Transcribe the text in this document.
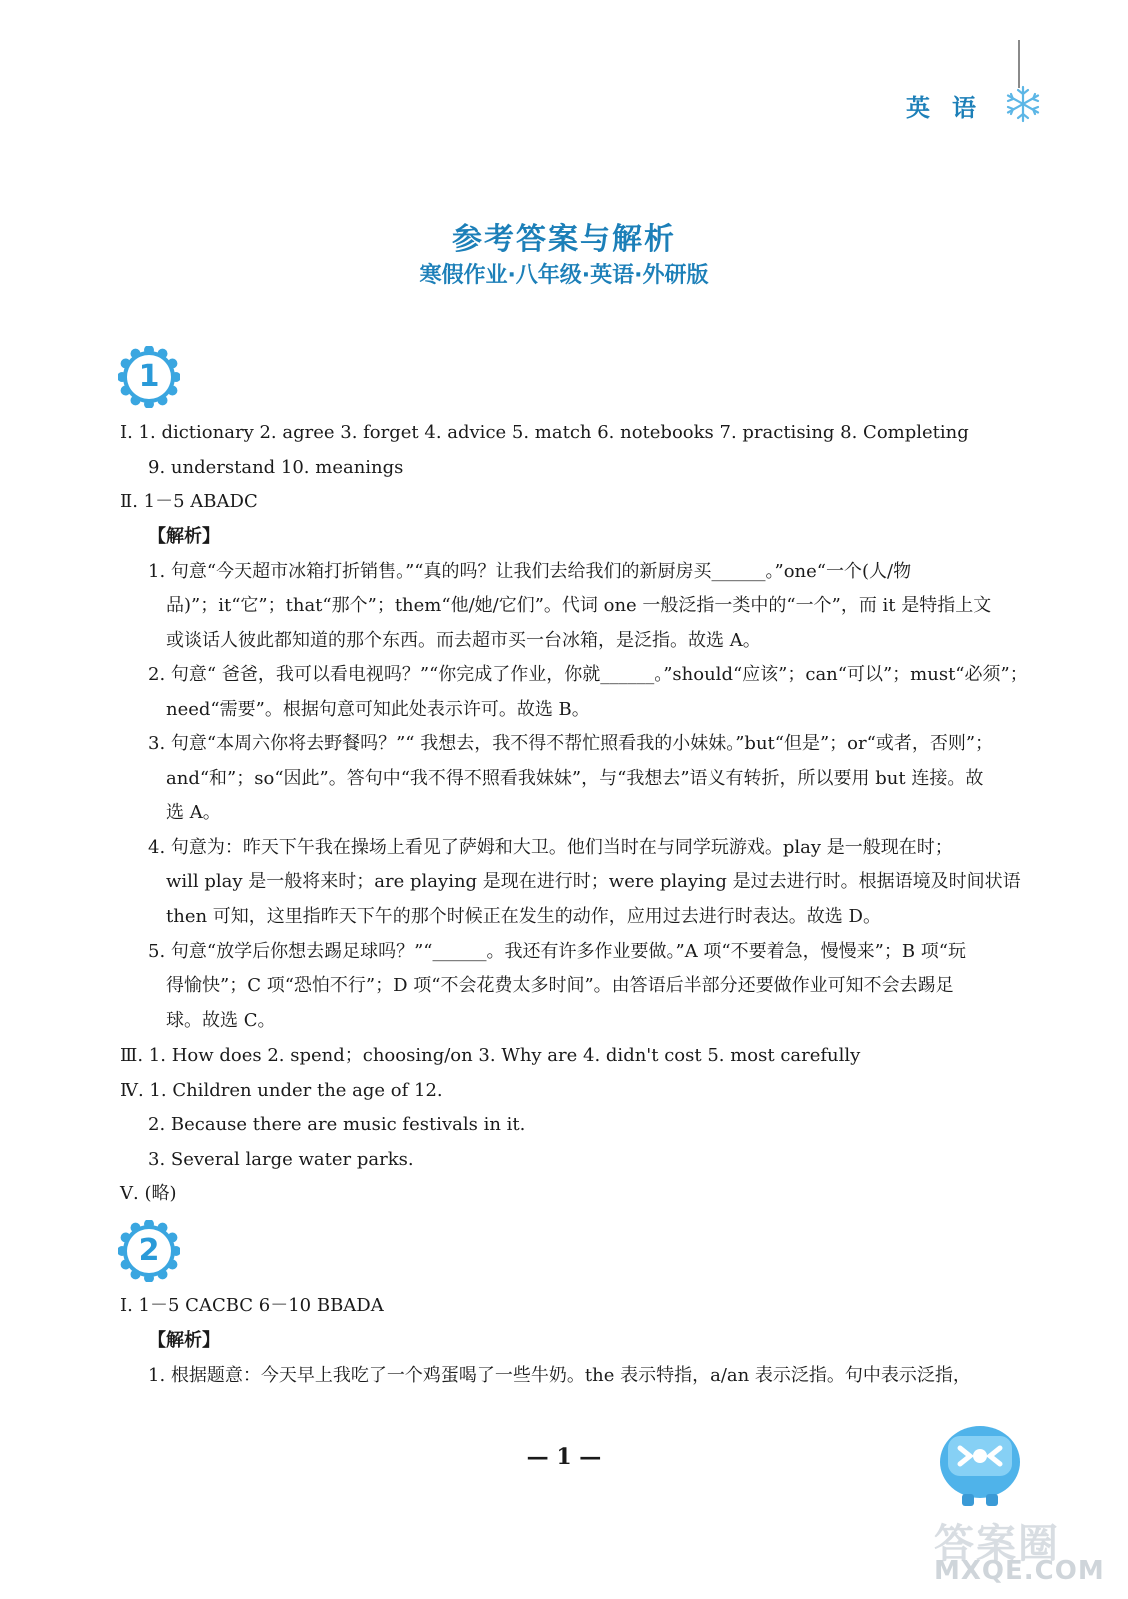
英语
参考答案与解析
寒假作业·八年级·英语·外研版
1
Ⅰ. 1. dictionary 2. agree 3. forget 4. advice 5. match 6. notebooks 7. practising 8. Completing
9. understand 10. meanings
Ⅱ. 1－5 ABADC
【解析】
1. 句意“今天超市冰箱打折销售。”“真的吗？让我们去给我们的新厨房买______。”one“一个(人/物
品)”；it“它”；that“那个”；them“他/她/它们”。代词 one 一般泛指一类中的“一个”，而 it 是特指上文
或谈话人彼此都知道的那个东西。而去超市买一台冰箱，是泛指。故选 A。
2. 句意“ 爸爸，我可以看电视吗？”“你完成了作业，你就______。”should“应该”；can“可以”；must“必须”；
need“需要”。根据句意可知此处表示许可。故选 B。
3. 句意“本周六你将去野餐吗？”“ 我想去，我不得不帮忙照看我的小妹妹。”but“但是”；or“或者，否则”；
and“和”；so“因此”。答句中“我不得不照看我妹妹”，与“我想去”语义有转折，所以要用 but 连接。故
选 A。
4. 句意为：昨天下午我在操场上看见了萨姆和大卫。他们当时在与同学玩游戏。play 是一般现在时；
will play 是一般将来时；are playing 是现在进行时；were playing 是过去进行时。根据语境及时间状语
then 可知，这里指昨天下午的那个时候正在发生的动作，应用过去进行时表达。故选 D。
5. 句意“放学后你想去踢足球吗？”“______。我还有许多作业要做。”A 项“不要着急，慢慢来”；B 项“玩
得愉快”；C 项“恐怕不行”；D 项“不会花费太多时间”。由答语后半部分还要做作业可知不会去踢足
球。故选 C。
Ⅲ. 1. How does 2. spend；choosing/on 3. Why are 4. didn't cost 5. most carefully
Ⅳ. 1. Children under the age of 12.
2. Because there are music festivals in it.
3. Several large water parks.
Ⅴ. (略)
2
Ⅰ. 1－5 CACBC 6－10 BBADA
【解析】
1. 根据题意：今天早上我吃了一个鸡蛋喝了一些牛奶。the 表示特指，a/an 表示泛指。句中表示泛指，
— 1 —
答案圈
MXQE.COM
